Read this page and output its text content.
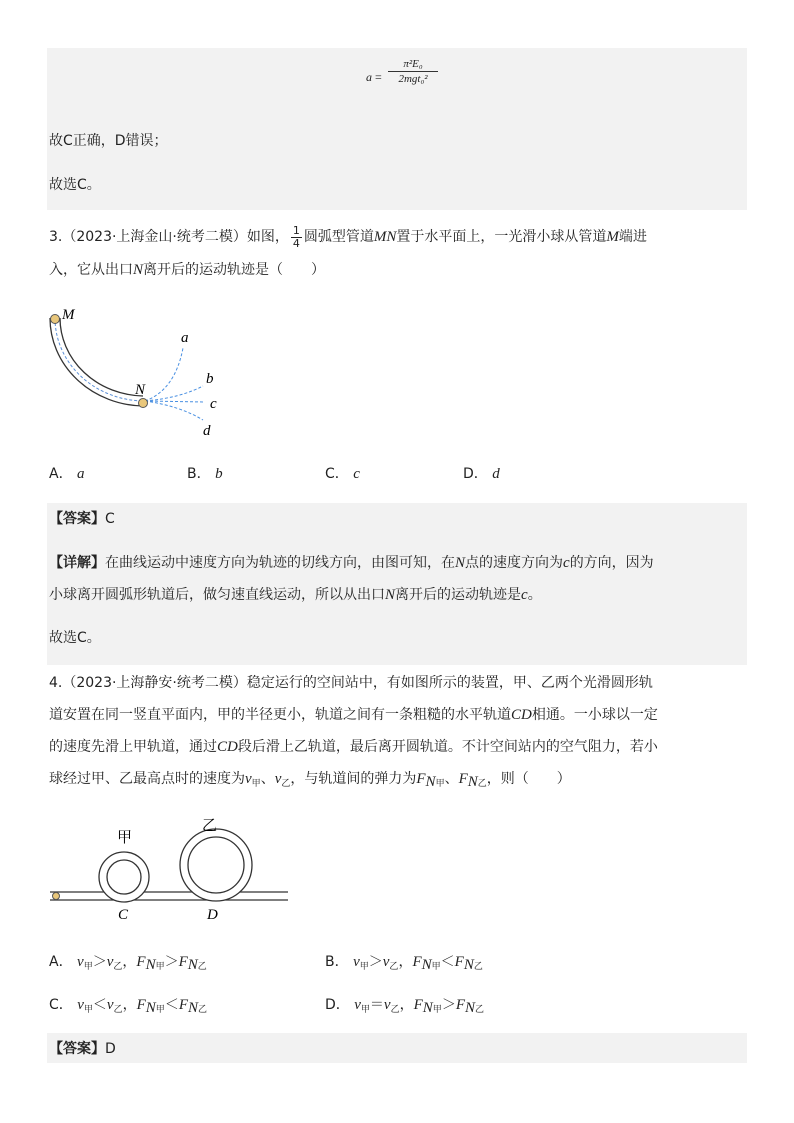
a =
π²E₀
2mgt₀²
故C正确，D错误；
故选C。
3.（2023·上海金山·统考二模）如图， $\frac{1}{4}$ 圆弧型管道MN置于水平面上，一光滑小球从管道M端进
入，它从出口N离开后的运动轨迹是（　　）
M
N
a
b
c
d
A． a	B． b	C． c	D． d
【答案】C
【详解】在曲线运动中速度方向为轨迹的切线方向，由图可知，在N点的速度方向为c的方向，因为
小球离开圆弧形轨道后，做匀速直线运动，所以从出口N离开后的运动轨迹是c。
故选C。
4.（2023·上海静安·统考二模）稳定运行的空间站中，有如图所示的装置，甲、乙两个光滑圆形轨
道安置在同一竖直平面内，甲的半径更小，轨道之间有一条粗糙的水平轨道CD相通。一小球以一定
的速度先滑上甲轨道，通过CD段后滑上乙轨道，最后离开圆轨道。不计空间站内的空气阻力，若小
球经过甲、乙最高点时的速度为$v_甲$、$v_乙$，与轨道间的弹力为$F_{N甲}$、$F_{N乙}$，则（　　）
甲
乙
C	D
A． $v_甲>v_乙$，$F_{N甲}>F_{N乙}$	B． $v_甲>v_乙$，$F_{N甲}<F_{N乙}$
C． $v_甲<v_乙$，$F_{N甲}<F_{N乙}$	D． $v_甲=v_乙$，$F_{N甲}>F_{N乙}$
【答案】D
